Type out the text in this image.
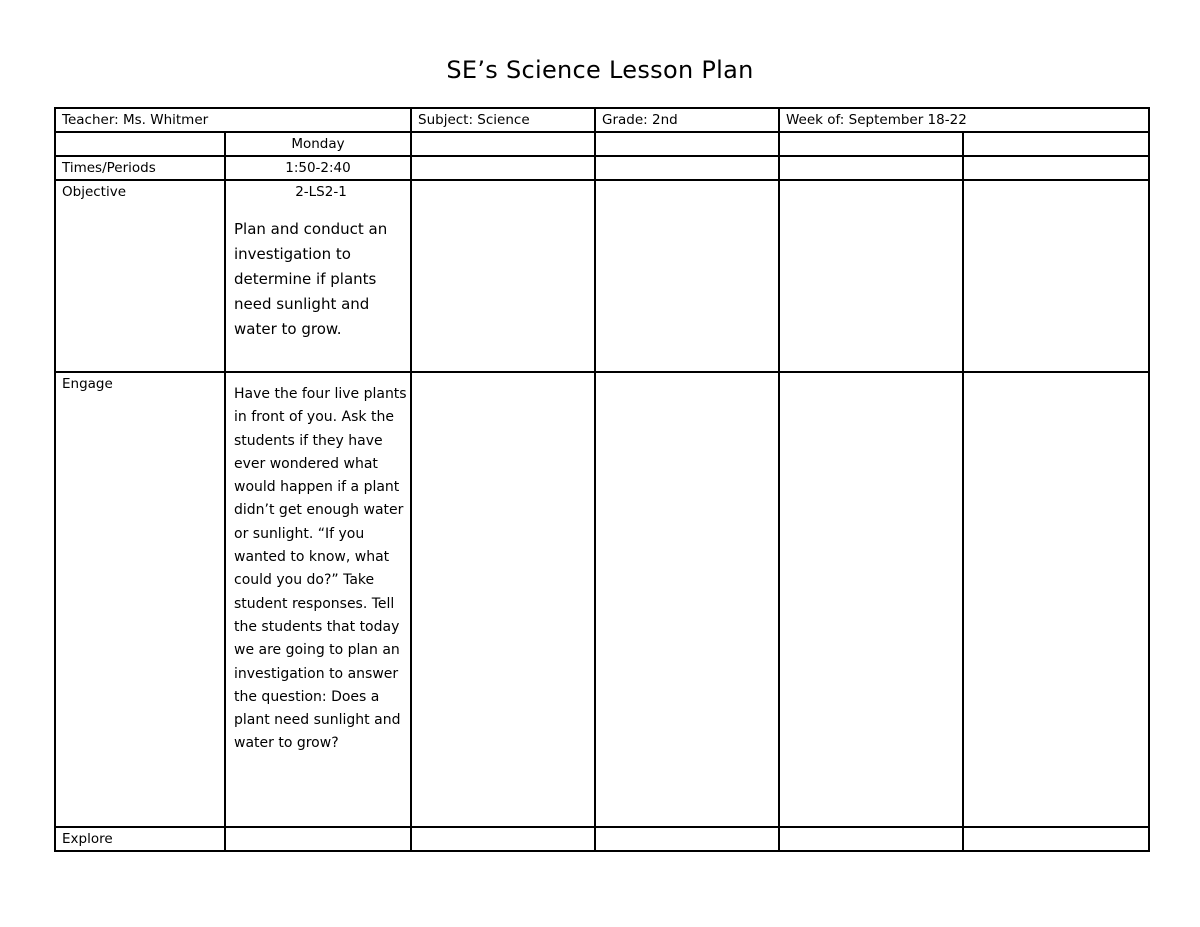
SE’s Science Lesson Plan
Teacher: Ms. Whitmer		Subject: Science	Grade: 2nd	Week of: September 18-22	
	Monday				
Times/Periods	1:50-2:40				
Objective	2-LS2-1
Plan and conduct an investigation to determine if plants need sunlight and water to grow.				

Engage	Have the four live plants in front of you. Ask the students if they have ever wondered what would happen if a plant didn’t get enough water or sunlight. “If you wanted to know, what could you do?” Take student responses. Tell the students that today we are going to plan an investigation to answer the question: Does a plant need sunlight and water to grow?				

Explore					
